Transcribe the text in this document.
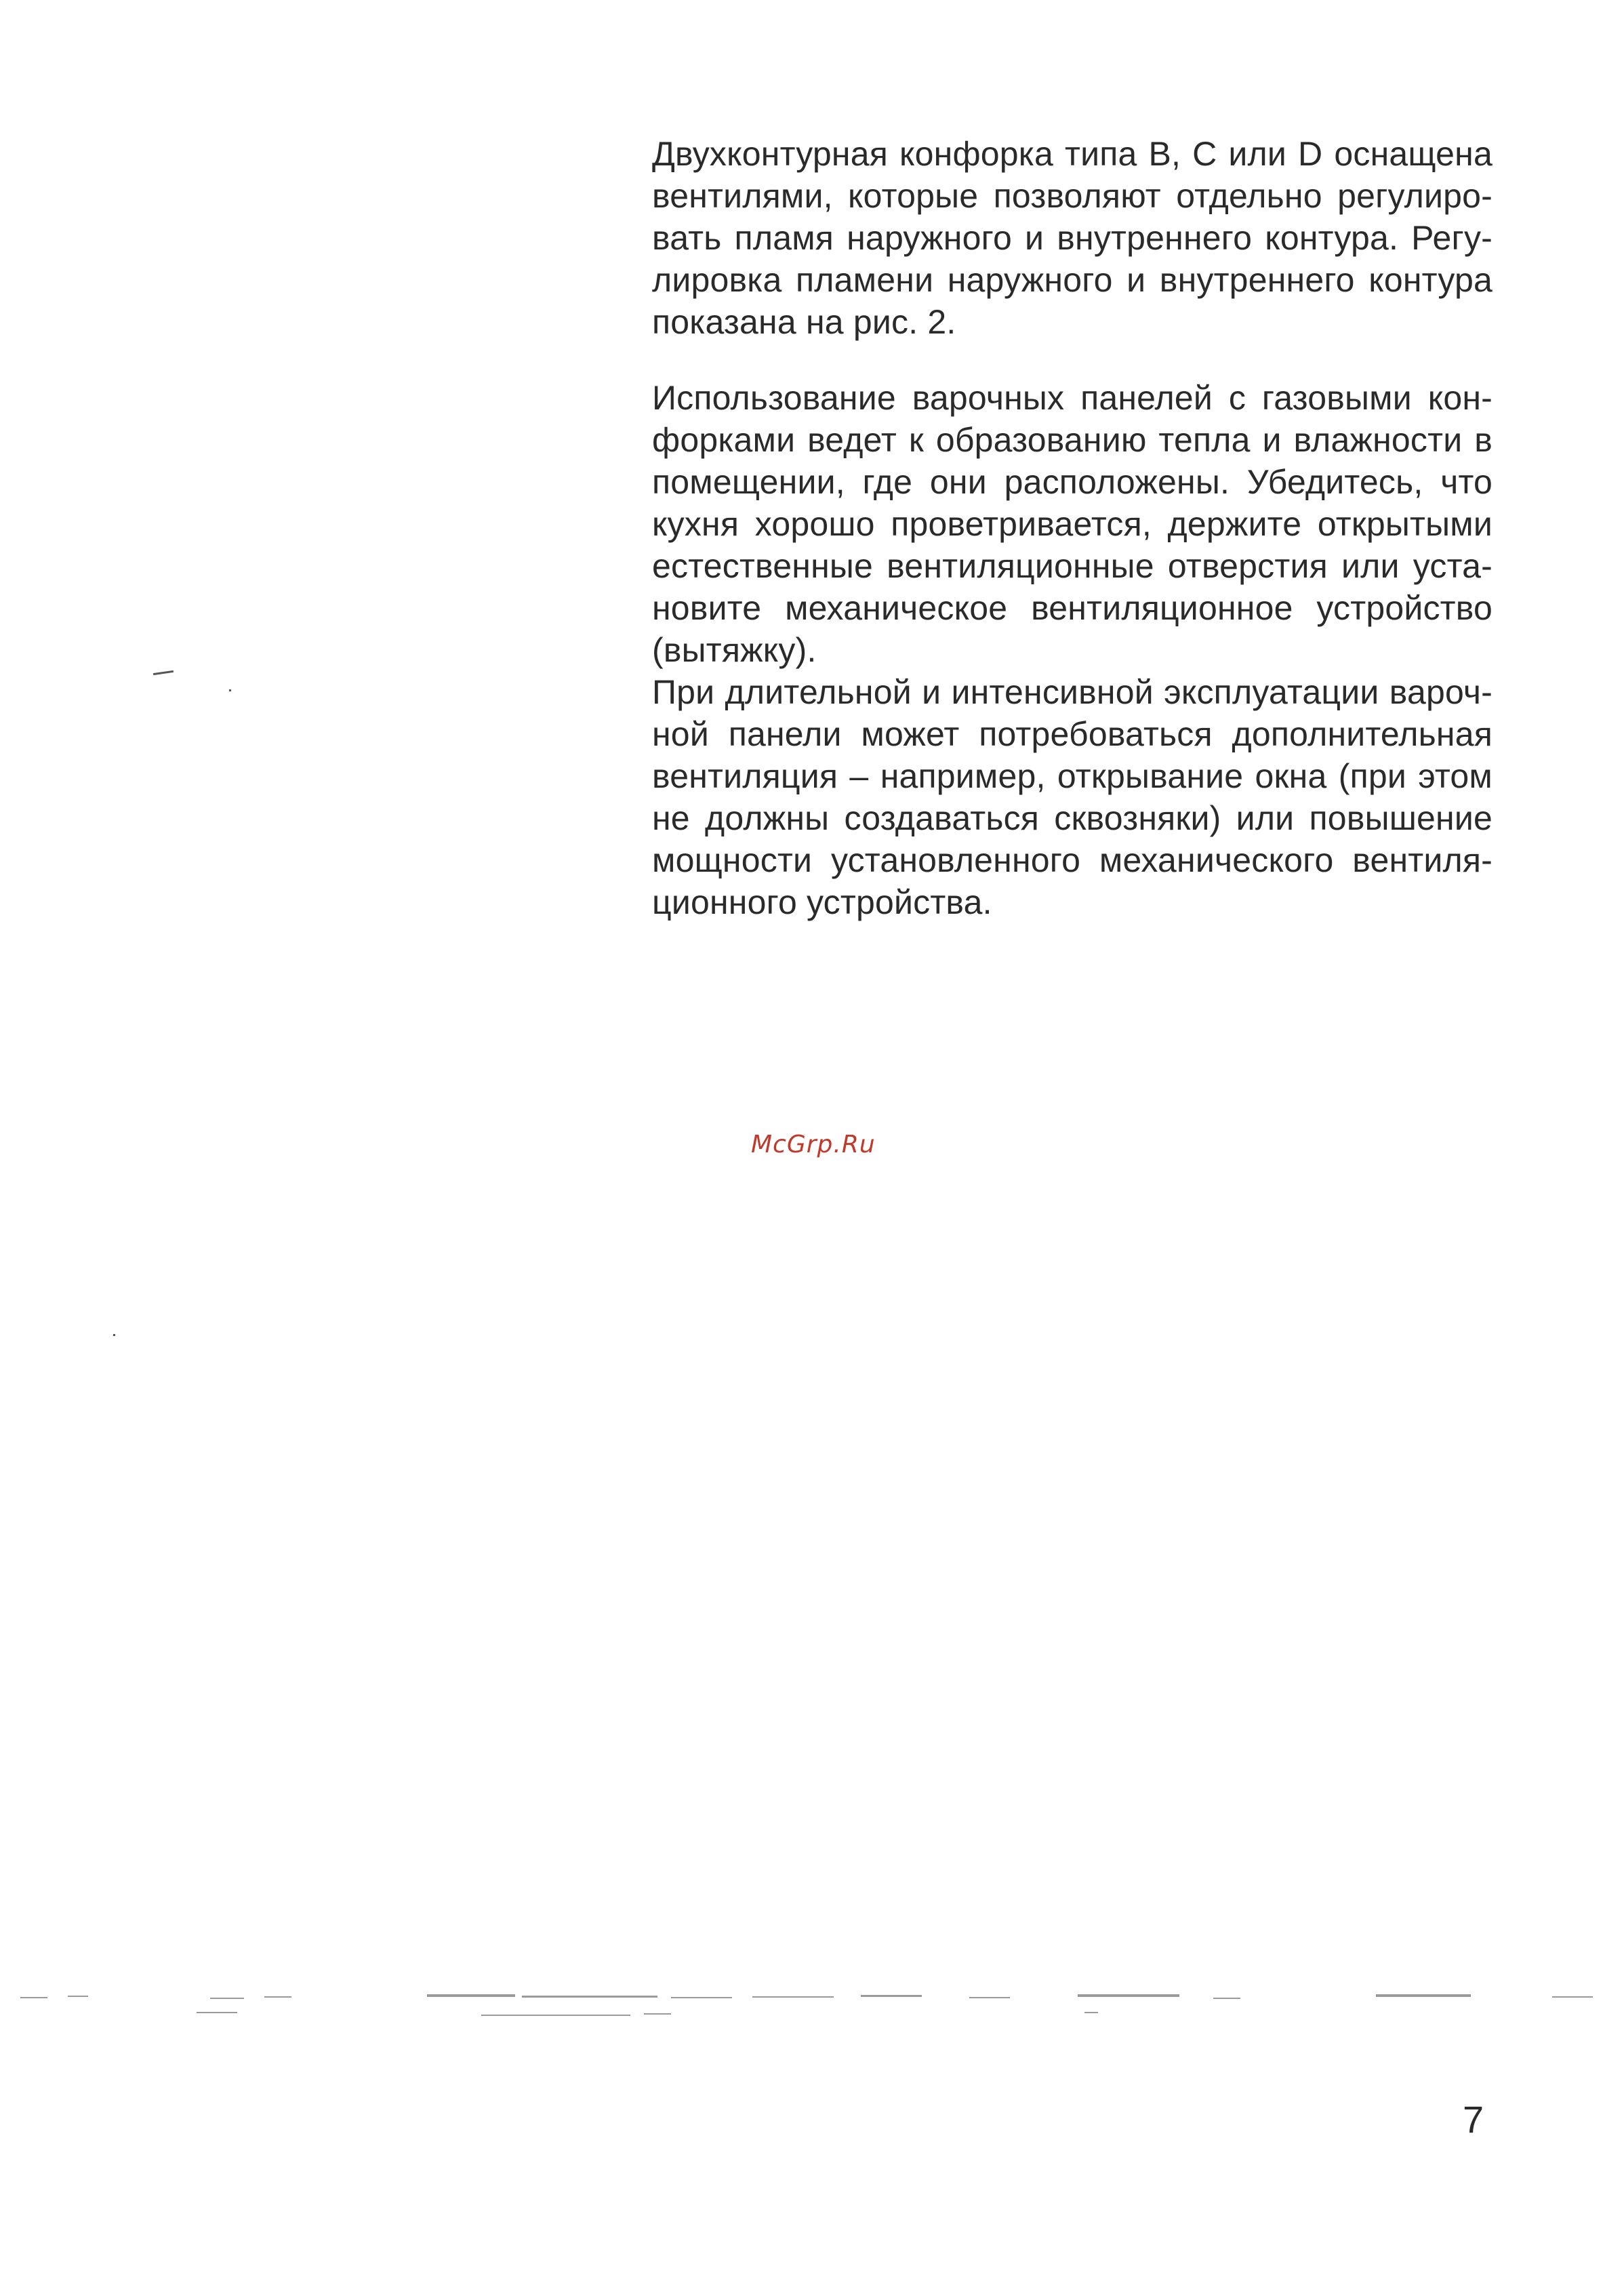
Двухконтурная конфорка типа B, C или D оснащена
вентилями, которые позволяют отдельно регулиро-
вать пламя наружного и внутреннего контура. Регу-
лировка пламени наружного и внутреннего контура
показана на рис. 2.

Использование варочных панелей с газовыми кон-
форками ведет к образованию тепла и влажности в
помещении, где они расположены. Убедитесь, что
кухня хорошо проветривается, держите открытыми
естественные вентиляционные отверстия или уста-
новите механическое вентиляционное устройство
(вытяжку).
При длительной и интенсивной эксплуатации вароч-
ной панели может потребоваться дополнительная
вентиляция – например, открывание окна (при этом
не должны создаваться сквозняки) или повышение
мощности установленного механического вентиля-
ционного устройства.

McGrp.Ru
7
